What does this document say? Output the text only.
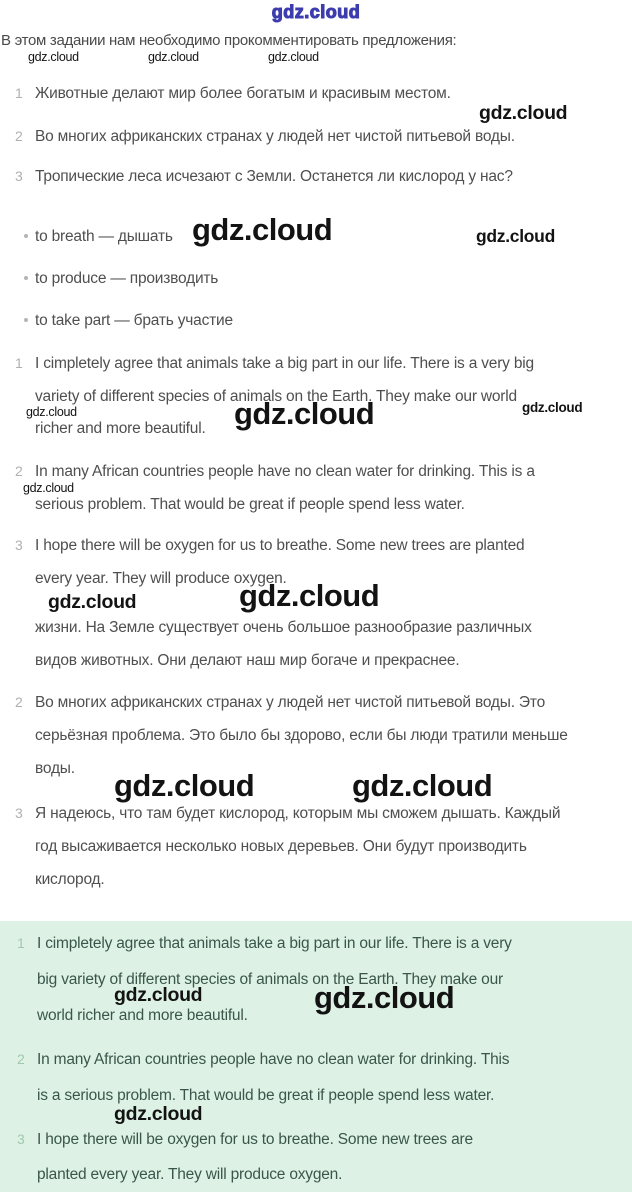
gdz.cloud
В этом задании нам необходимо прокомментировать предложения:
gdz.cloud	gdz.cloud	gdz.cloud
1 Животные делают мир более богатым и красивым местом.
2 Во многих африканских странах у людей нет чистой питьевой воды.
3 Тропические леса исчезают с Земли. Останется ли кислород у нас?
gdz.cloud
to breath — дышать
to produce — производить
to take part — брать участие
gdz.cloud	gdz.cloud
1 I cimpletely agree that animals take a big part in our life. There is a very big
variety of different species of animals on the Earth. They make our world
richer and more beautiful.
2 In many African countries people have no clean water for drinking. This is a
serious problem. That would be great if people spend less water.
3 I hope there will be oxygen for us to breathe. Some new trees are planted
every year. They will produce oxygen.
gdz.cloud	gdz.cloud	gdz.cloud
gdz.cloud
gdz.cloud	gdz.cloud
жизни. На Земле существует очень большое разнообразие различных
видов животных. Они делают наш мир богаче и прекраснее.
2 Во многих африканских странах у людей нет чистой питьевой воды. Это
серьёзная проблема. Это было бы здорово, если бы люди тратили меньше
воды.
3 Я надеюсь, что там будет кислород, которым мы сможем дышать. Каждый
год высаживается несколько новых деревьев. Они будут производить
кислород.
gdz.cloud	gdz.cloud
1 I cimpletely agree that animals take a big part in our life. There is a very
big variety of different species of animals on the Earth. They make our
world richer and more beautiful.
2 In many African countries people have no clean water for drinking. This
is a serious problem. That would be great if people spend less water.
3 I hope there will be oxygen for us to breathe. Some new trees are
planted every year. They will produce oxygen.
gdz.cloud	gdz.cloud
gdz.cloud
